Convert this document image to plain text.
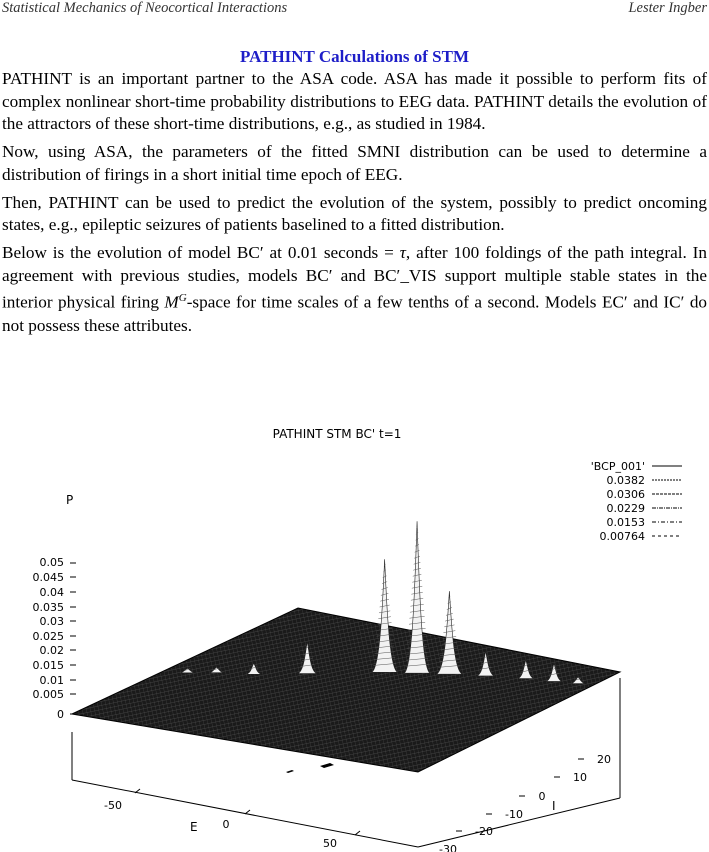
Statistical Mechanics of Neocortical Interactions	Lester Ingber
PATHINT Calculations of STM

PATHINT is an important partner to the ASA code. ASA has made it possible to perform fits of complex nonlinear short-time probability distributions to EEG data. PATHINT details the evolution of the attractors of these short-time distributions, e.g., as studied in 1984.

Now, using ASA, the parameters of the fitted SMNI distribution can be used to determine a distribution of firings in a short initial time epoch of EEG.

Then, PATHINT can be used to predict the evolution of the system, possibly to predict oncoming states, e.g., epileptic seizures of patients baselined to a fitted distribution.

Below is the evolution of model BC′ at 0.01 seconds = τ, after 100 foldings of the path integral. In agreement with previous studies, models BC′ and BC′_VIS support multiple stable states in the interior physical firing $M^G$-space for time scales of a few tenths of a second. Models EC′ and IC′ do not possess these attributes.

PATHINT STM BC' t=1
P
E
I
'BCP_001'
0.0382
0.0306
0.0229
0.0153
0.00764
0.05
0.045
0.04
0.035
0.03
0.025
0.02
0.015
0.01
0.005
0
-50
0
50
20
10
0
-10
-20
-30
